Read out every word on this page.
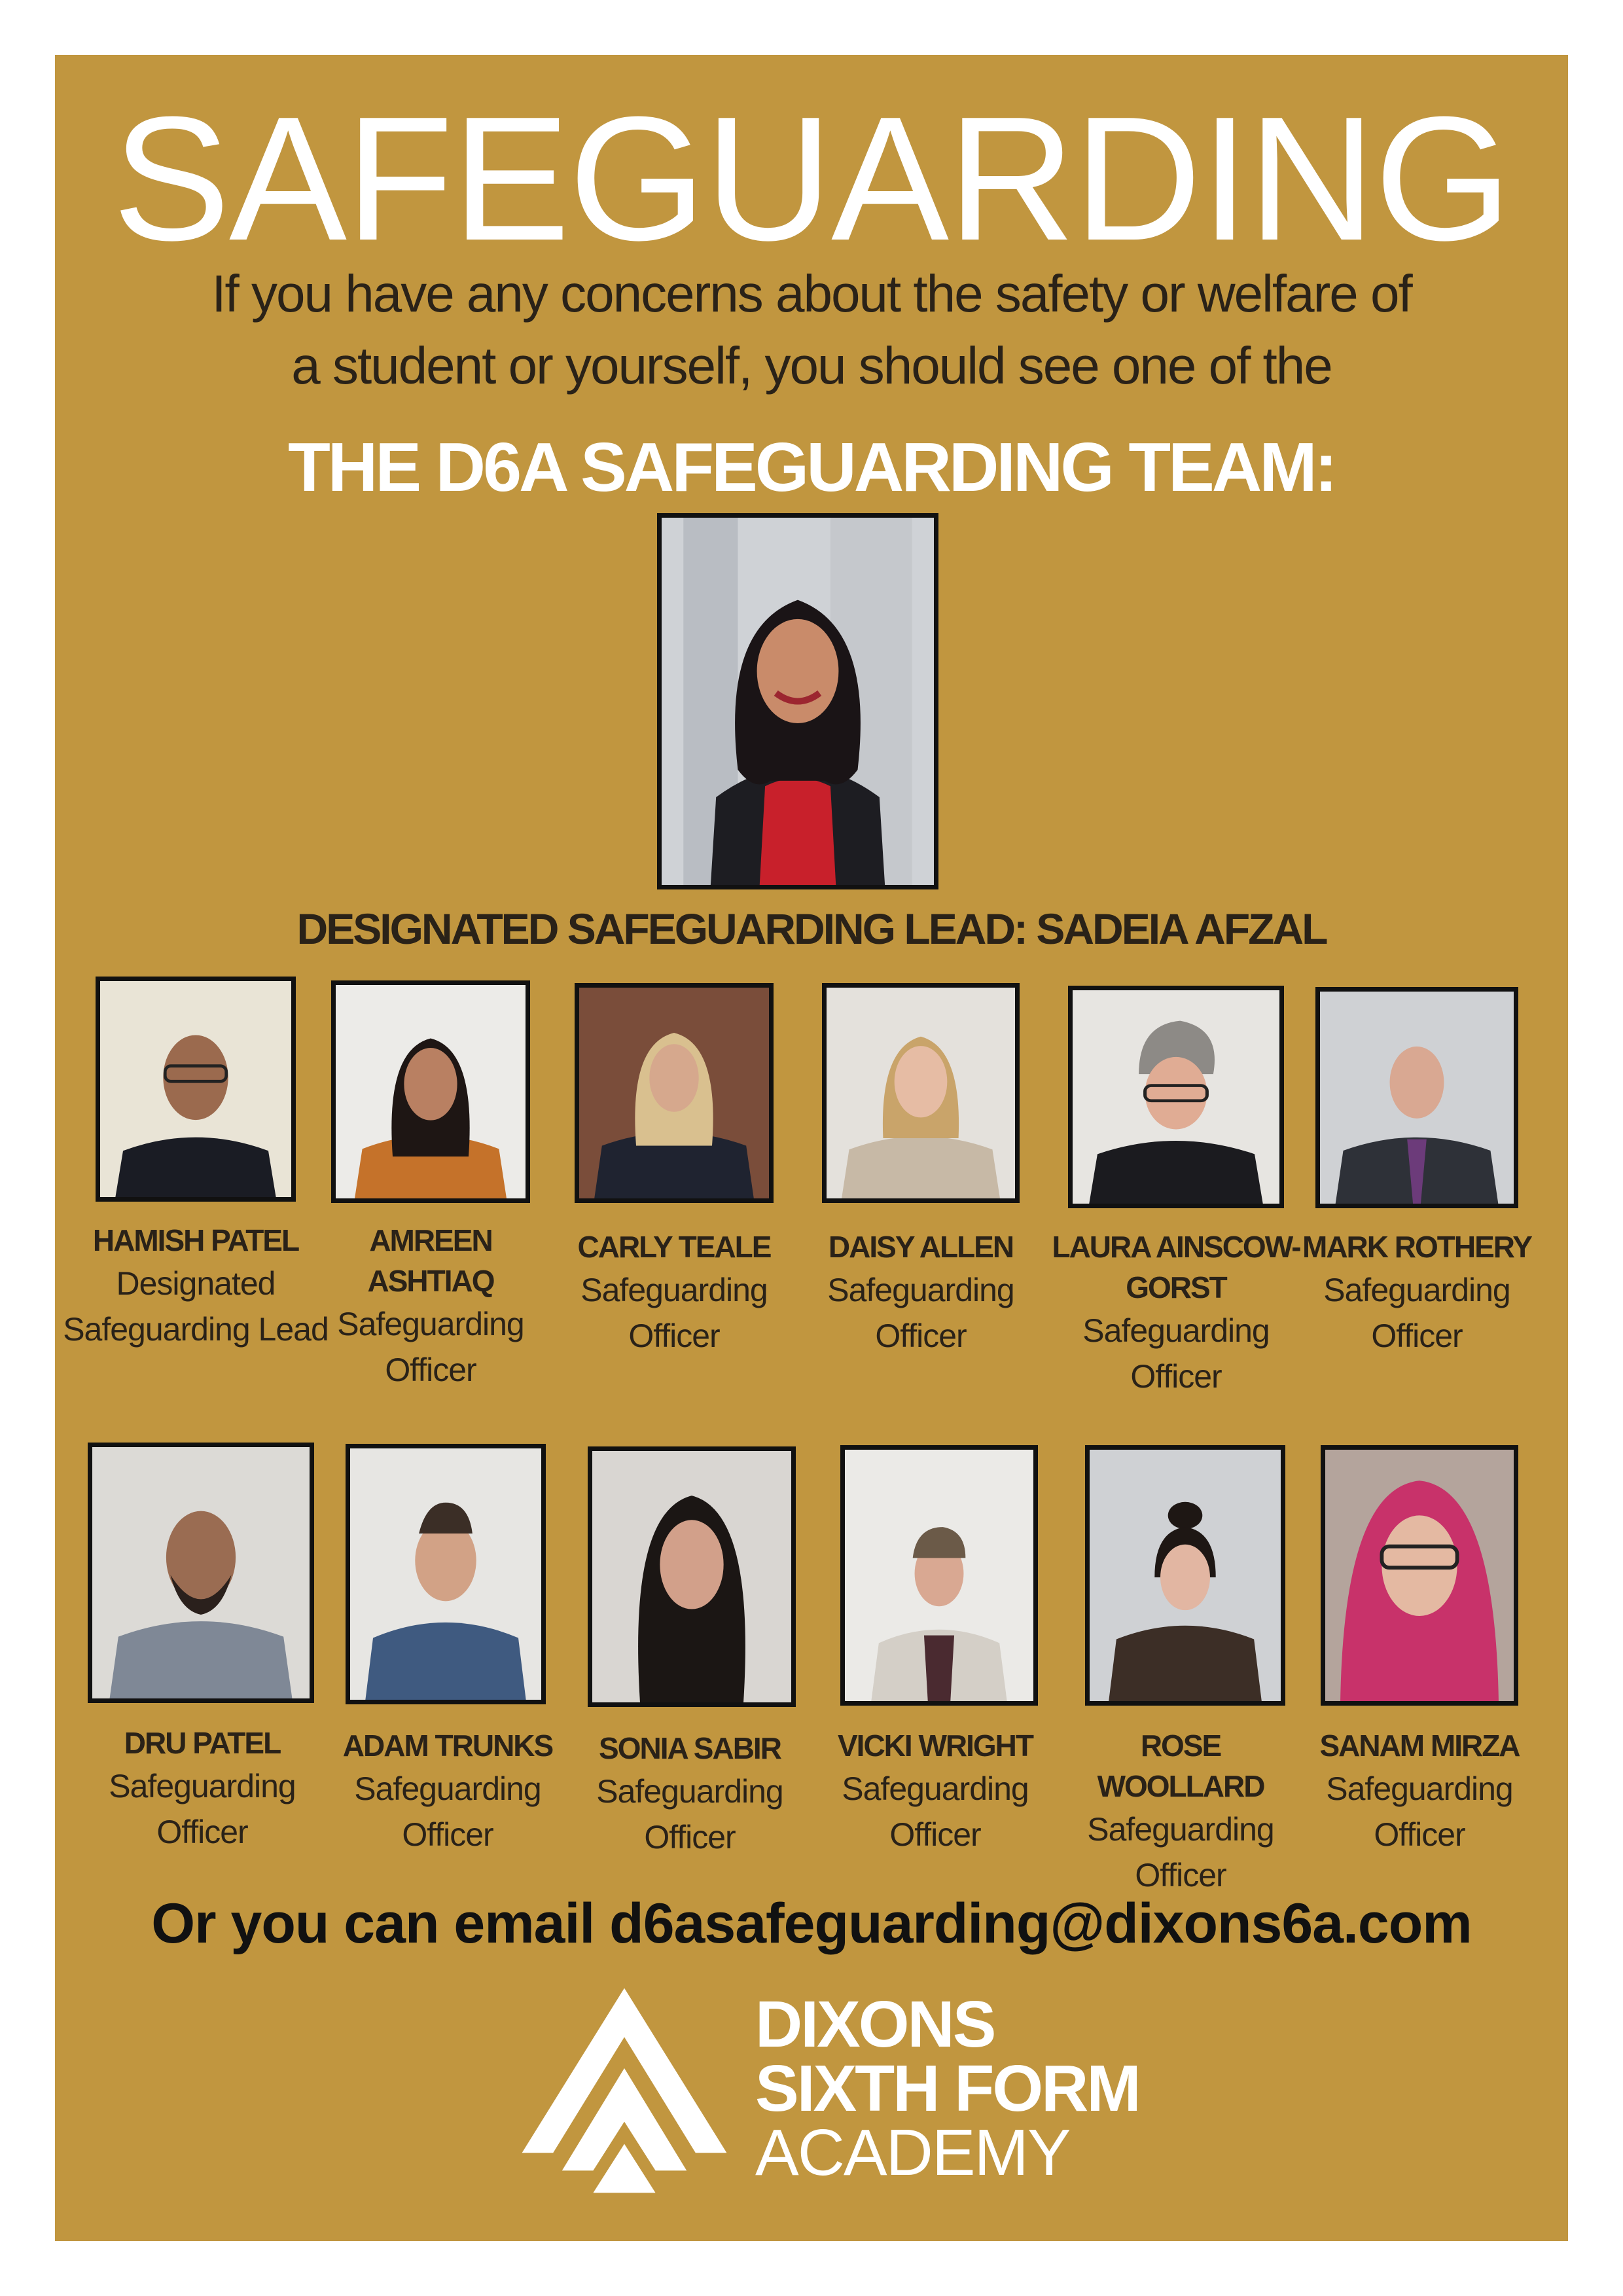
SAFEGUARDING
If you have any concerns about the safety or welfare of
a student or yourself, you should see one of the
THE D6A SAFEGUARDING TEAM:
DESIGNATED SAFEGUARDING LEAD: SADEIA AFZAL
HAMISH PATEL
Designated
Safeguarding Lead
AMREEN
ASHTIAQ
Safeguarding
Officer
CARLY TEALE
Safeguarding
Officer
DAISY ALLEN
Safeguarding
Officer
LAURA AINSCOW-
GORST
Safeguarding
Officer
MARK ROTHERY
Safeguarding
Officer
DRU PATEL
Safeguarding
Officer
ADAM TRUNKS
Safeguarding
Officer
SONIA SABIR
Safeguarding
Officer
VICKI WRIGHT
Safeguarding
Officer
ROSE WOOLLARD
Safeguarding
Officer
SANAM MIRZA
Safeguarding
Officer
Or you can email d6asafeguarding@dixons6a.com
DIXONS
SIXTH FORM
ACADEMY
